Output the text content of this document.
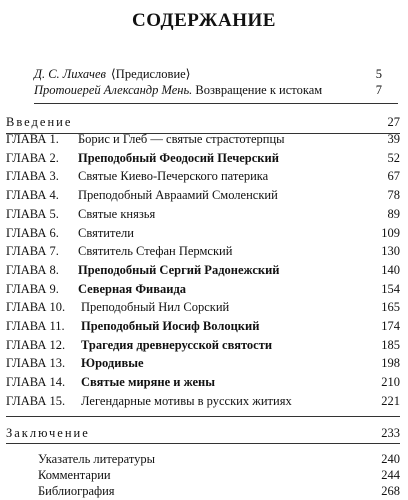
СОДЕРЖАНИЕ
Д. С. Лихачев ⟨Предисловие⟩	5
Протоиерей Александр Мень. Возвращение к истокам	7
Введение	27
ГЛАВА 1.	Борис и Глеб — святые страстотерпцы	39
ГЛАВА 2.	Преподобный Феодосий Печерский	52
ГЛАВА 3.	Святые Киево-Печерского патерика	67
ГЛАВА 4.	Преподобный Авраамий Смоленский	78
ГЛАВА 5.	Святые князья	89
ГЛАВА 6.	Святители	109
ГЛАВА 7.	Святитель Стефан Пермский	130
ГЛАВА 8.	Преподобный Сергий Радонежский	140
ГЛАВА 9.	Северная Фиваида	154
ГЛАВА 10.	Преподобный Нил Сорский	165
ГЛАВА 11.	Преподобный Иосиф Волоцкий	174
ГЛАВА 12.	Трагедия древнерусской святости	185
ГЛАВА 13.	Юродивые	198
ГЛАВА 14.	Святые миряне и жены	210
ГЛАВА 15.	Легендарные мотивы в русских житиях	221
Заключение	233
Указатель литературы	240
Комментарии	244
Библиография	268
